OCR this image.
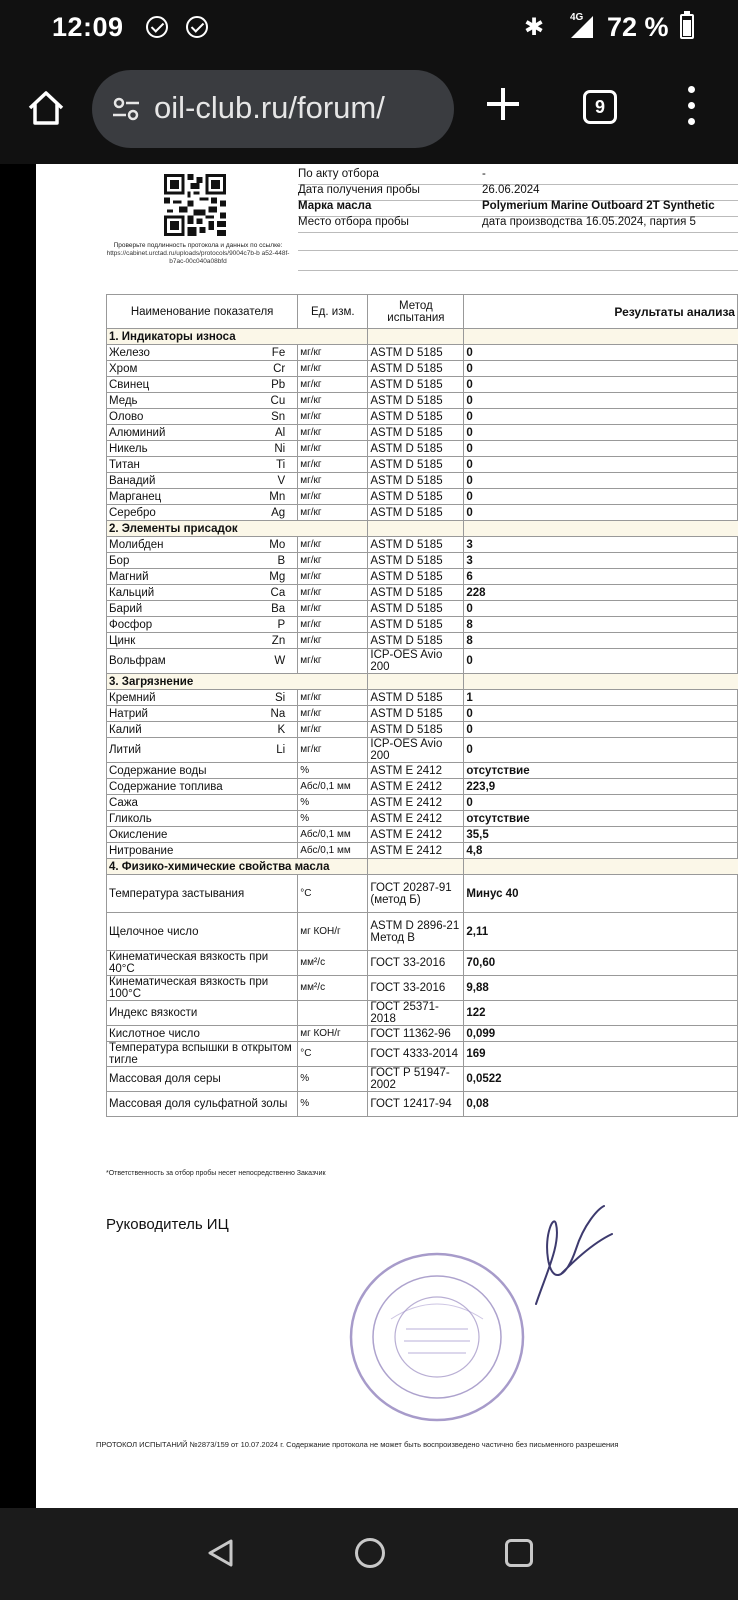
12:09	✱	4G 72 %
oil-club.ru/forum/	9
Проверьте подлинность протокола и данных по ссылке:
https://cabinet.urctad.ru/uploads/protocols/9004c7b-b a52-448f-b7ac-00c040a08bfd
По акту отбора	-
Дата получения пробы	26.06.2024
Марка масла	Polymerium Marine Outboard 2T Synthetic
Место отбора пробы	дата производства 16.05.2024, партия 5
Наименование показателя	Ед. изм.	Метод испытания	Результаты анализа
1. Индикаторы износа			
Железо Fe	мг/кг	ASTM D 5185	0
Хром Cr	мг/кг	ASTM D 5185	0
Свинец Pb	мг/кг	ASTM D 5185	0
Медь Cu	мг/кг	ASTM D 5185	0
Олово Sn	мг/кг	ASTM D 5185	0
Алюминий Al	мг/кг	ASTM D 5185	0
Никель Ni	мг/кг	ASTM D 5185	0
Титан Ti	мг/кг	ASTM D 5185	0
Ванадий V	мг/кг	ASTM D 5185	0
Марганец Mn	мг/кг	ASTM D 5185	0
Серебро Ag	мг/кг	ASTM D 5185	0
2. Элементы присадок			
Молибден Mo	мг/кг	ASTM D 5185	3
Бор B	мг/кг	ASTM D 5185	3
Магний Mg	мг/кг	ASTM D 5185	6
Кальций Ca	мг/кг	ASTM D 5185	228
Барий Ba	мг/кг	ASTM D 5185	0
Фосфор P	мг/кг	ASTM D 5185	8
Цинк Zn	мг/кг	ASTM D 5185	8
Вольфрам W	мг/кг	ICP-OES Avio 200	0
3. Загрязнение			
Кремний Si	мг/кг	ASTM D 5185	1
Натрий Na	мг/кг	ASTM D 5185	0
Калий K	мг/кг	ASTM D 5185	0
Литий Li	мг/кг	ICP-OES Avio 200	0
Содержание воды	%	ASTM E 2412	отсутствие
Содержание топлива	Абс/0,1 мм	ASTM E 2412	223,9
Сажа	%	ASTM E 2412	0
Гликоль	%	ASTM E 2412	отсутствие
Окисление	Абс/0,1 мм	ASTM E 2412	35,5
Нитрование	Абс/0,1 мм	ASTM E 2412	4,8
4. Физико-химические свойства масла			
Температура застывания	°С	ГОСТ 20287-91 (метод Б)	Минус 40
Щелочное число	мг КОН/г	ASTM D 2896-21 Метод В	2,11
Кинематическая вязкость при 40°С	мм²/с	ГОСТ 33-2016	70,60
Кинематическая вязкость при 100°С	мм²/с	ГОСТ 33-2016	9,88
Индекс вязкости		ГОСТ 25371-2018	122
Кислотное число	мг КОН/г	ГОСТ 11362-96	0,099
Температура вспышки в открытом тигле	°С	ГОСТ 4333-2014	169
Массовая доля серы	%	ГОСТ Р 51947-2002	0,0522
Массовая доля сульфатной золы	%	ГОСТ 12417-94	0,08
*Ответственность за отбор пробы несет непосредственно Заказчик
Руководитель ИЦ
ПРОТОКОЛ ИСПЫТАНИЙ №2873/159 от 10.07.2024 г. Содержание протокола не может быть воспроизведено частично без письменного разрешения
